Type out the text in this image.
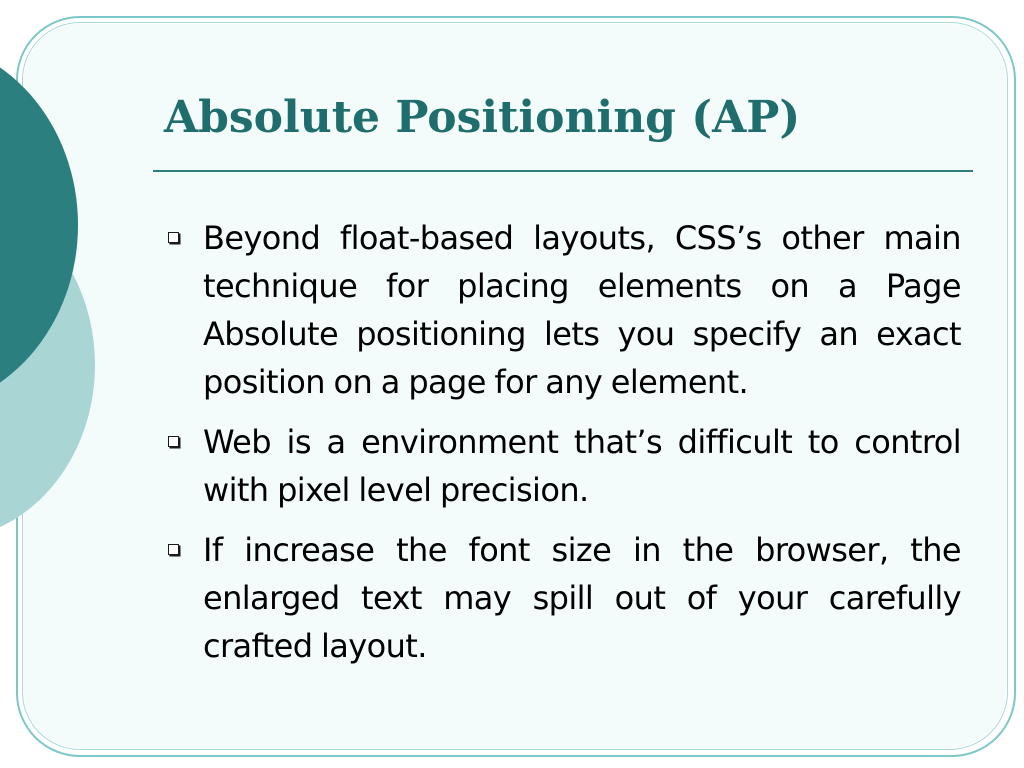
Absolute Positioning (AP)
Beyond float-based layouts, CSS’s other main technique for placing elements on a Page Absolute positioning lets you specify an exact position on a page for any element.
Web is a environment that’s difficult to control with pixel level precision.
If increase the font size in the browser, the enlarged text may spill out of your carefully crafted layout.
